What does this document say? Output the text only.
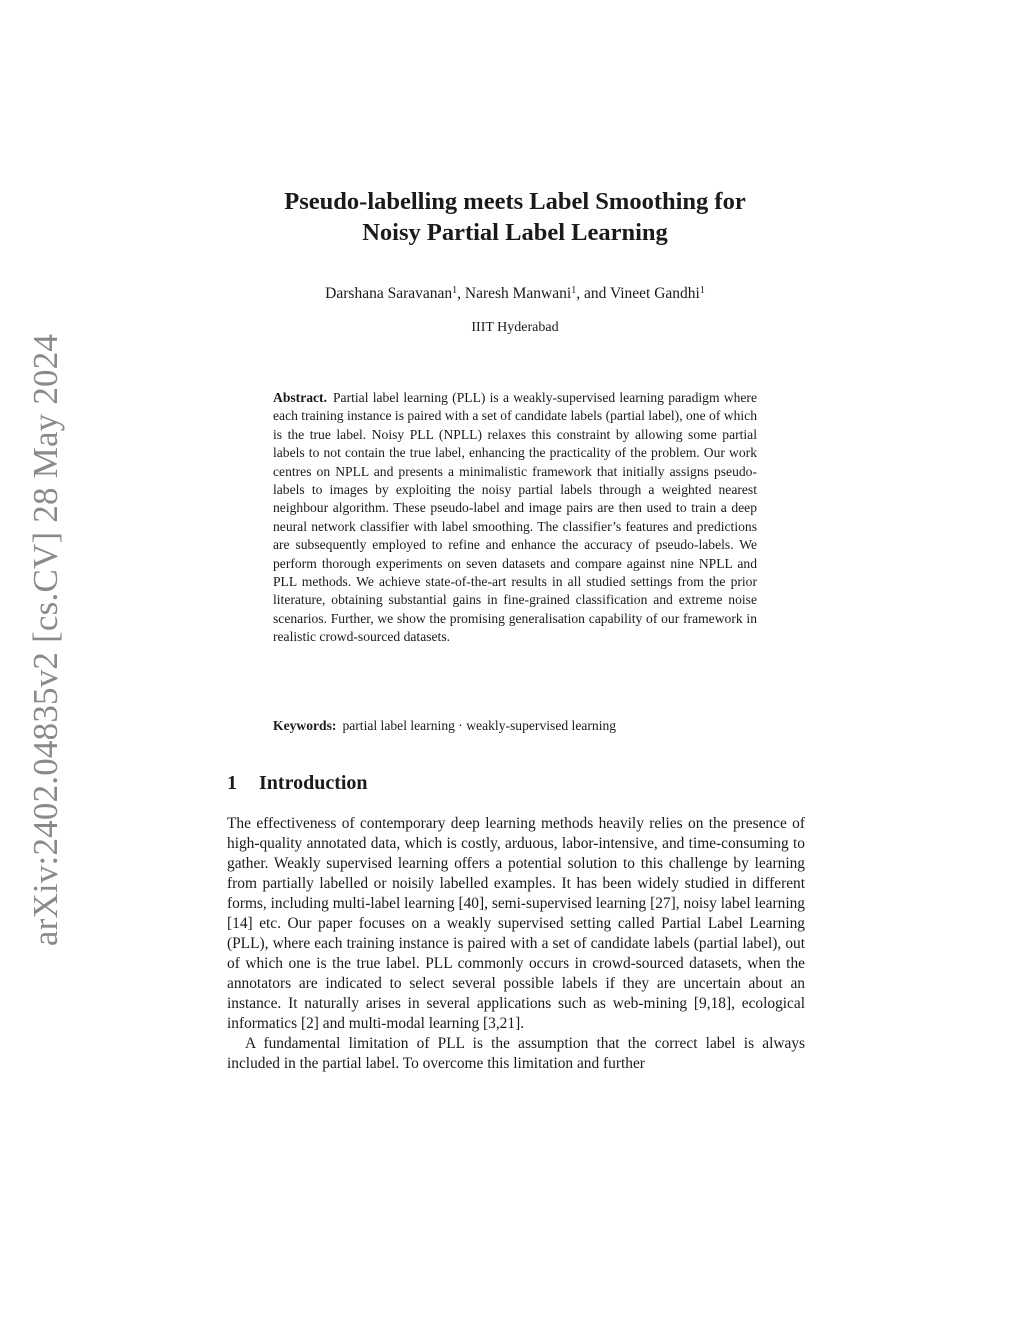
arXiv:2402.04835v2 [cs.CV] 28 May 2024
Pseudo-labelling meets Label Smoothing for
Noisy Partial Label Learning
Darshana Saravanan$^1$, Naresh Manwani$^1$, and Vineet Gandhi$^1$
IIIT Hyderabad
Abstract. Partial label learning (PLL) is a weakly-supervised learning paradigm where each training instance is paired with a set of candidate labels (partial label), one of which is the true label. Noisy PLL (NPLL) relaxes this constraint by allowing some partial labels to not contain the true label, enhancing the practicality of the problem. Our work centres on NPLL and presents a minimalistic framework that initially assigns pseudo-labels to images by exploiting the noisy partial labels through a weighted nearest neighbour algorithm. These pseudo-label and image pairs are then used to train a deep neural network classifier with label smoothing. The classifier’s features and predictions are subsequently employed to refine and enhance the accuracy of pseudo-labels. We perform thorough experiments on seven datasets and compare against nine NPLL and PLL methods. We achieve state-of-the-art results in all studied settings from the prior literature, obtaining substantial gains in fine-grained classification and extreme noise scenarios. Further, we show the promising generalisation capability of our framework in realistic crowd-sourced datasets.
Keywords: partial label learning · weakly-supervised learning
1 Introduction

The effectiveness of contemporary deep learning methods heavily relies on the presence of high-quality annotated data, which is costly, arduous, labor-intensive, and time-consuming to gather. Weakly supervised learning offers a potential solution to this challenge by learning from partially labelled or noisily labelled examples. It has been widely studied in different forms, including multi-label learning [40], semi-supervised learning [27], noisy label learning [14] etc. Our paper focuses on a weakly supervised setting called Partial Label Learning (PLL), where each training instance is paired with a set of candidate labels (partial label), out of which one is the true label. PLL commonly occurs in crowd-sourced datasets, when the annotators are indicated to select several possible labels if they are uncertain about an instance. It naturally arises in several applications such as web-mining [9,18], ecological informatics [2] and multi-modal learning [3,21].

A fundamental limitation of PLL is the assumption that the correct label is always included in the partial label. To overcome this limitation and further
